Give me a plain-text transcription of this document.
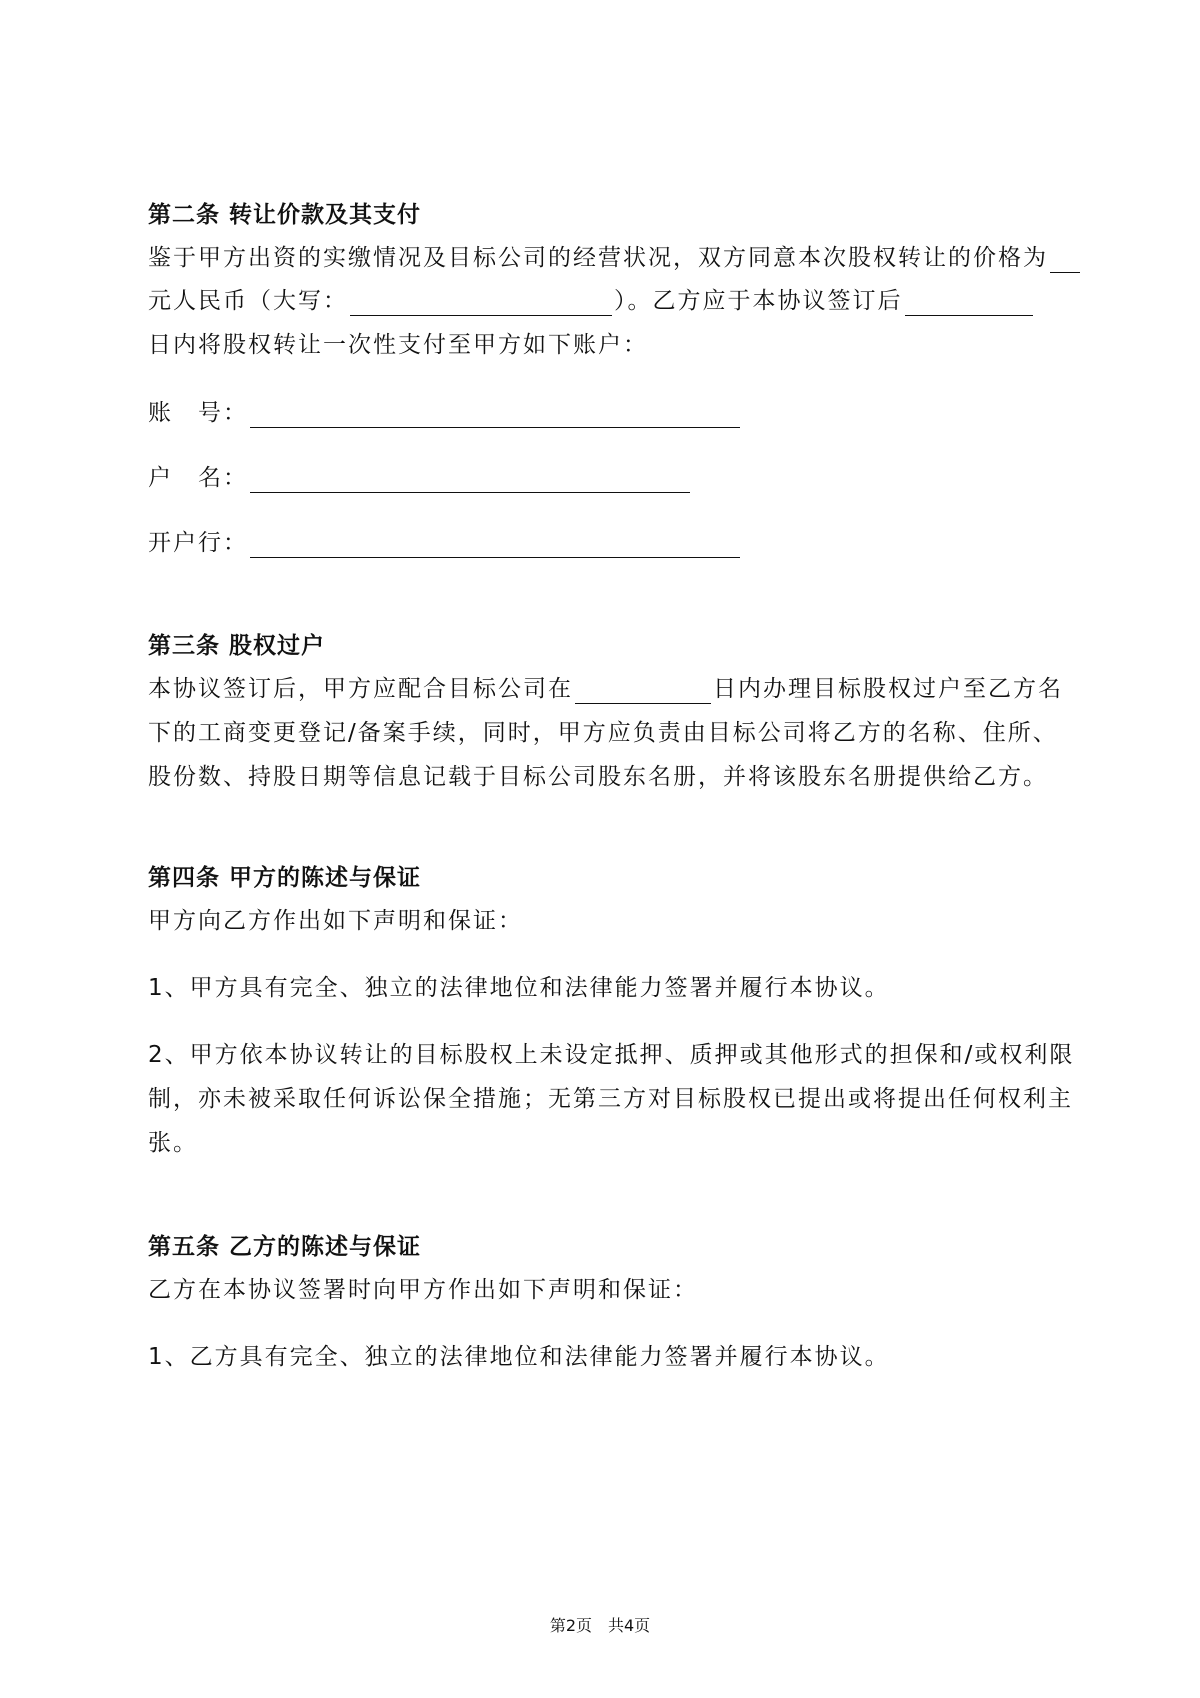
第二条 转让价款及其支付
鉴于甲方出资的实缴情况及目标公司的经营状况，双方同意本次股权转让的价格为
元人民币（大写：	）。乙方应于本协议签订后
日内将股权转让一次性支付至甲方如下账户：
账　号：
户　名：
开户行：
第三条 股权过户
本协议签订后，甲方应配合目标公司在	日内办理目标股权过户至乙方名
下的工商变更登记/备案手续，同时，甲方应负责由目标公司将乙方的名称、住所、
股份数、持股日期等信息记载于目标公司股东名册，并将该股东名册提供给乙方。
第四条 甲方的陈述与保证
甲方向乙方作出如下声明和保证：
1、甲方具有完全、独立的法律地位和法律能力签署并履行本协议。
2、甲方依本协议转让的目标股权上未设定抵押、质押或其他形式的担保和/或权利限
制，亦未被采取任何诉讼保全措施；无第三方对目标股权已提出或将提出任何权利主
张。
第五条 乙方的陈述与保证
乙方在本协议签署时向甲方作出如下声明和保证：
1、乙方具有完全、独立的法律地位和法律能力签署并履行本协议。
第2页　共4页
